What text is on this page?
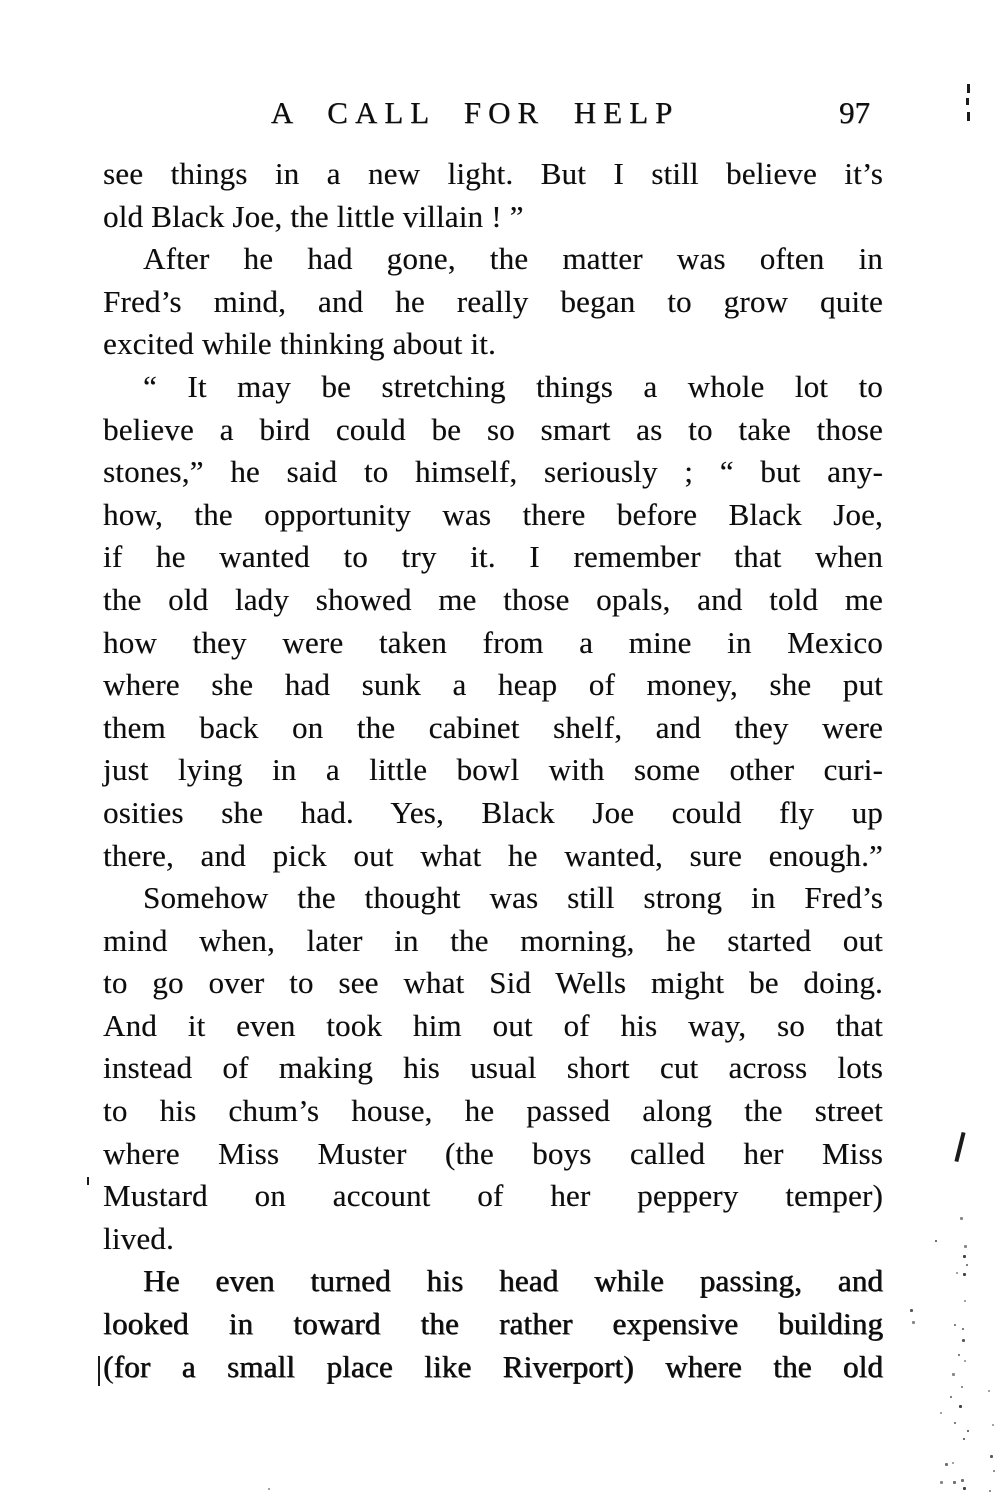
A CALL FOR HELP	97
see things in a new light. But I still believe it’s
old Black Joe, the little villain ! ”
After he had gone, the matter was often in
Fred’s mind, and he really began to grow quite
excited while thinking about it.
“ It may be stretching things a whole lot to
believe a bird could be so smart as to take those
stones,” he said to himself, seriously ; “ but any-
how, the opportunity was there before Black Joe,
if he wanted to try it. I remember that when
the old lady showed me those opals, and told me
how they were taken from a mine in Mexico
where she had sunk a heap of money, she put
them back on the cabinet shelf, and they were
just lying in a little bowl with some other curi-
osities she had. Yes, Black Joe could fly up
there, and pick out what he wanted, sure enough.”
Somehow the thought was still strong in Fred’s
mind when, later in the morning, he started out
to go over to see what Sid Wells might be doing.
And it even took him out of his way, so that
instead of making his usual short cut across lots
to his chum’s house, he passed along the street
where Miss Muster (the boys called her Miss
Mustard on account of her peppery temper)
lived.
He even turned his head while passing, and
looked in toward the rather expensive building
(for a small place like Riverport) where the old
